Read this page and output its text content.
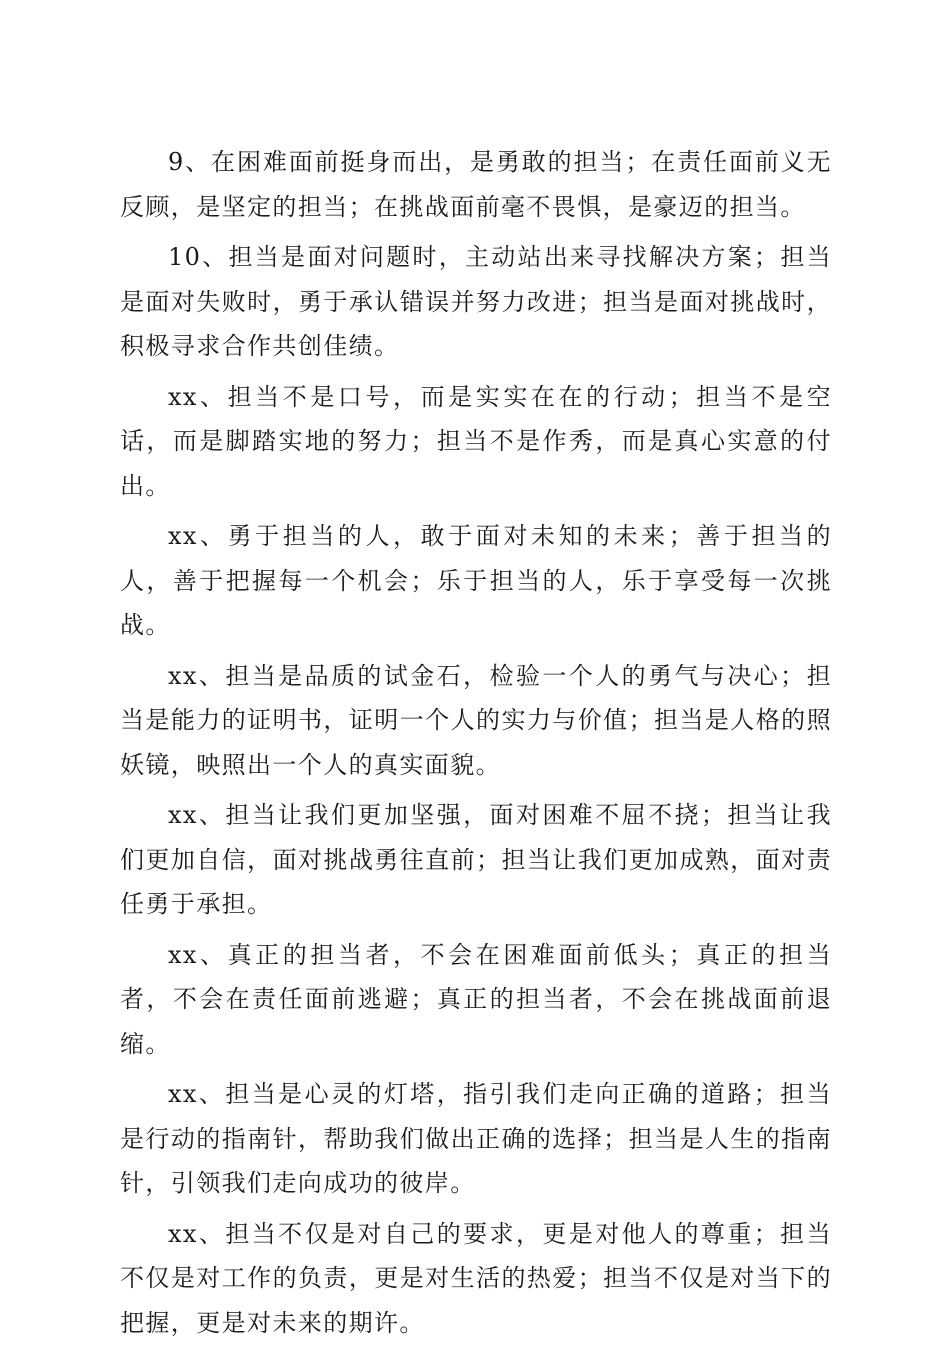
9、在困难面前挺身而出，是勇敢的担当；在责任面前义无反顾，是坚定的担当；在挑战面前毫不畏惧，是豪迈的担当。

10、担当是面对问题时，主动站出来寻找解决方案；担当是面对失败时，勇于承认错误并努力改进；担当是面对挑战时，积极寻求合作共创佳绩。

xx、担当不是口号，而是实实在在的行动；担当不是空话，而是脚踏实地的努力；担当不是作秀，而是真心实意的付出。

xx、勇于担当的人，敢于面对未知的未来；善于担当的人，善于把握每一个机会；乐于担当的人，乐于享受每一次挑战。

xx、担当是品质的试金石，检验一个人的勇气与决心；担当是能力的证明书，证明一个人的实力与价值；担当是人格的照妖镜，映照出一个人的真实面貌。

xx、担当让我们更加坚强，面对困难不屈不挠；担当让我们更加自信，面对挑战勇往直前；担当让我们更加成熟，面对责任勇于承担。

xx、真正的担当者，不会在困难面前低头；真正的担当者，不会在责任面前逃避；真正的担当者，不会在挑战面前退缩。

xx、担当是心灵的灯塔，指引我们走向正确的道路；担当是行动的指南针，帮助我们做出正确的选择；担当是人生的指南针，引领我们走向成功的彼岸。

xx、担当不仅是对自己的要求，更是对他人的尊重；担当不仅是对工作的负责，更是对生活的热爱；担当不仅是对当下的把握，更是对未来的期许。
